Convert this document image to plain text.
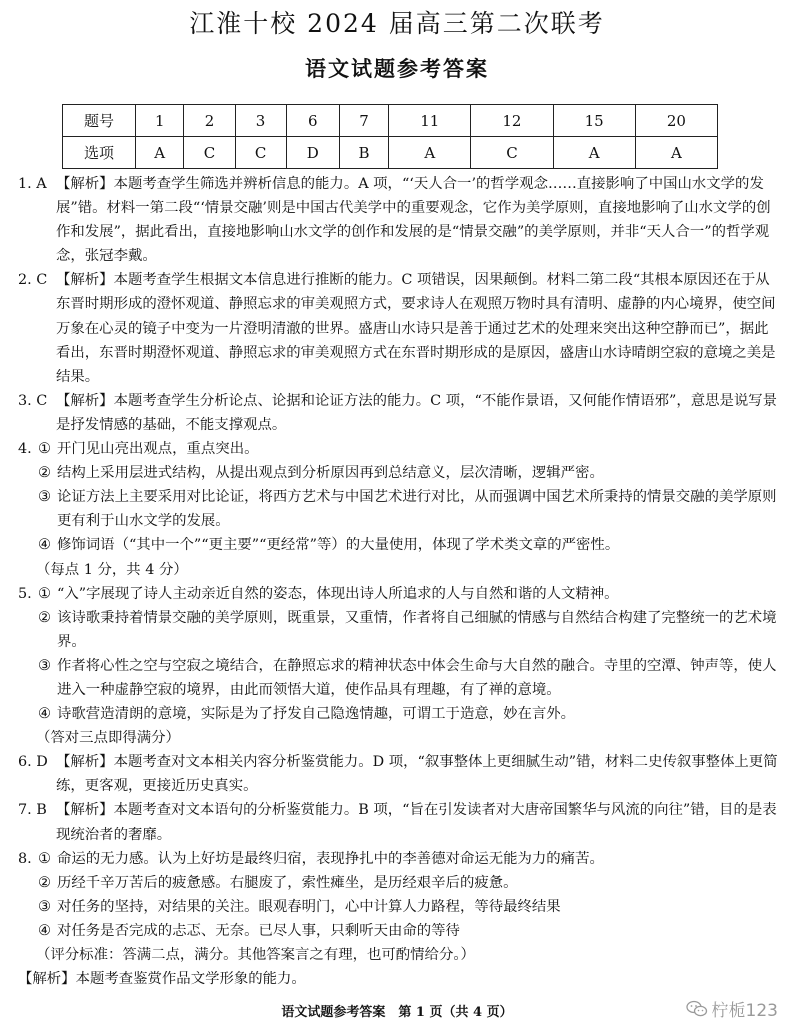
江淮十校 2024 届高三第二次联考
语文试题参考答案
题号	1	2	3	6	7	11	12	15	20
选项	A	C	C	D	B	A	C	A	A
1. A 【解析】本题考查学生筛选并辨析信息的能力。A 项，“‘天人合一’的哲学观念……直接影响了中国山水文学的发展”错。材料一第二段“‘情景交融’则是中国古代美学中的重要观念，它作为美学原则，直接地影响了山水文学的创作和发展”，据此看出，直接地影响山水文学的创作和发展的是“情景交融”的美学原则，并非“天人合一”的哲学观念，张冠李戴。

2. C 【解析】本题考查学生根据文本信息进行推断的能力。C 项错误，因果颠倒。材料二第二段“其根本原因还在于从东晋时期形成的澄怀观道、静照忘求的审美观照方式，要求诗人在观照万物时具有清明、虚静的内心境界，使空间万象在心灵的镜子中变为一片澄明清澈的世界。盛唐山水诗只是善于通过艺术的处理来突出这种空静而已”，据此看出，东晋时期澄怀观道、静照忘求的审美观照方式在东晋时期形成的是原因，盛唐山水诗晴朗空寂的意境之美是结果。

3. C 【解析】本题考查学生分析论点、论据和论证方法的能力。C 项，“不能作景语，又何能作情语邪”，意思是说写景是抒发情感的基础，不能支撑观点。

4. ① 开门见山亮出观点，重点突出。
② 结构上采用层进式结构，从提出观点到分析原因再到总结意义，层次清晰，逻辑严密。
③ 论证方法上主要采用对比论证，将西方艺术与中国艺术进行对比，从而强调中国艺术所秉持的情景交融的美学原则更有利于山水文学的发展。
④ 修饰词语（“其中一个”“更主要”“更经常”等）的大量使用，体现了学术类文章的严密性。
（每点 1 分，共 4 分）
5. ① “入”字展现了诗人主动亲近自然的姿态，体现出诗人所追求的人与自然和谐的人文精神。
② 该诗歌秉持着情景交融的美学原则，既重景，又重情，作者将自己细腻的情感与自然结合构建了完整统一的艺术境界。
③ 作者将心性之空与空寂之境结合，在静照忘求的精神状态中体会生命与大自然的融合。寺里的空潭、钟声等，使人进入一种虚静空寂的境界，由此而领悟大道，使作品具有理趣，有了禅的意境。
④ 诗歌营造清朗的意境，实际是为了抒发自己隐逸情趣，可谓工于造意，妙在言外。
（答对三点即得满分）
6. D 【解析】本题考查对文本相关内容分析鉴赏能力。D 项，“叙事整体上更细腻生动”错，材料二史传叙事整体上更简练，更客观，更接近历史真实。

7. B 【解析】本题考查对文本语句的分析鉴赏能力。B 项，“旨在引发读者对大唐帝国繁华与风流的向往”错，目的是表现统治者的奢靡。

8. ① 命运的无力感。认为上好坊是最终归宿，表现挣扎中的李善德对命运无能为力的痛苦。
② 历经千辛万苦后的疲惫感。右腿废了，索性瘫坐，是历经艰辛后的疲惫。
③ 对任务的坚持，对结果的关注。眼观春明门，心中计算人力路程，等待最终结果
④ 对任务是否完成的忐忑、无奈。已尽人事，只剩听天由命的等待
（评分标准：答满二点，满分。其他答案言之有理，也可酌情给分。）
【解析】本题考查鉴赏作品文学形象的能力。
语文试题参考答案　第 1 页（共 4 页）	柠栀123
